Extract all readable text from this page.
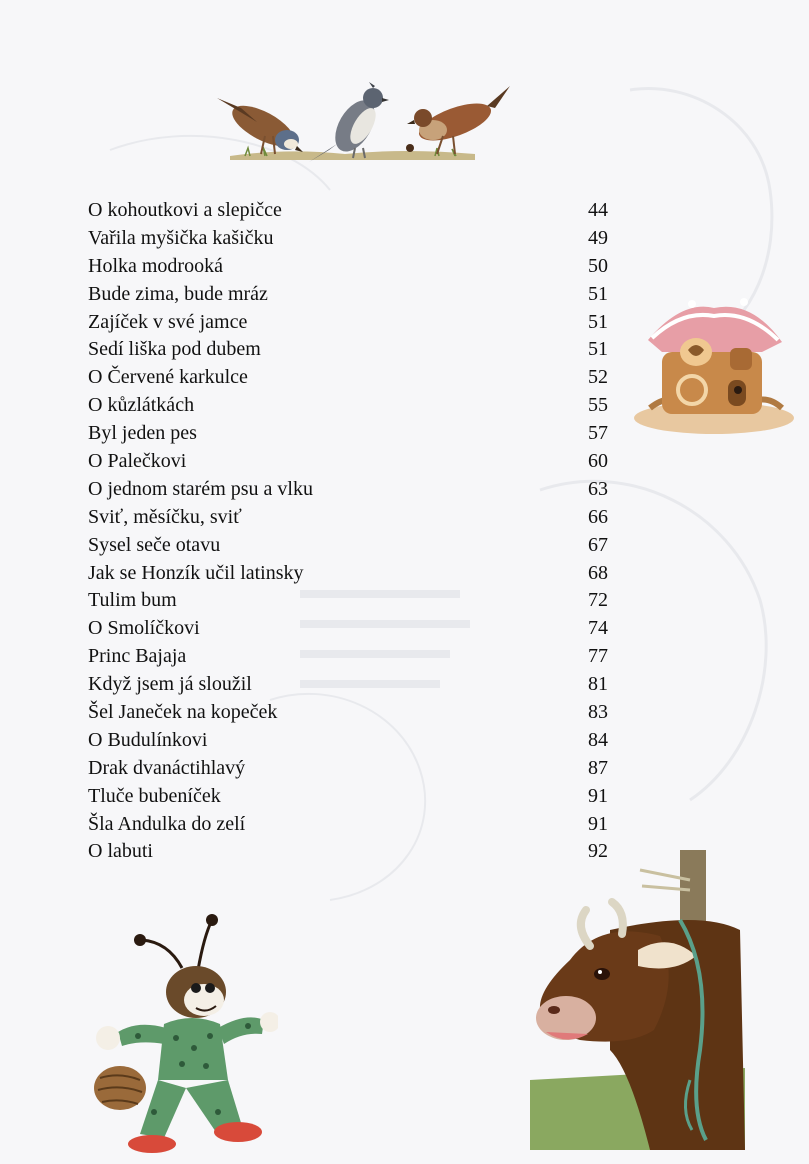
O kohoutkovi a slepičce	44
Vařila myšička kašičku	49
Holka modrooká	50
Bude zima, bude mráz	51
Zajíček v své jamce	51
Sedí liška pod dubem	51
O Červené karkulce	52
O kůzlátkách	55
Byl jeden pes	57
O Palečkovi	60
O jednom starém psu a vlku	63
Sviť, měsíčku, sviť	66
Sysel seče otavu	67
Jak se Honzík učil latinsky	68
Tulim bum	72
O Smolíčkovi	74
Princ Bajaja	77
Když jsem já sloužil	81
Šel Janeček na kopeček	83
O Budulínkovi	84
Drak dvanáctihlavý	87
Tluče bubeníček	91
Šla Andulka do zelí	91
O labuti	92
